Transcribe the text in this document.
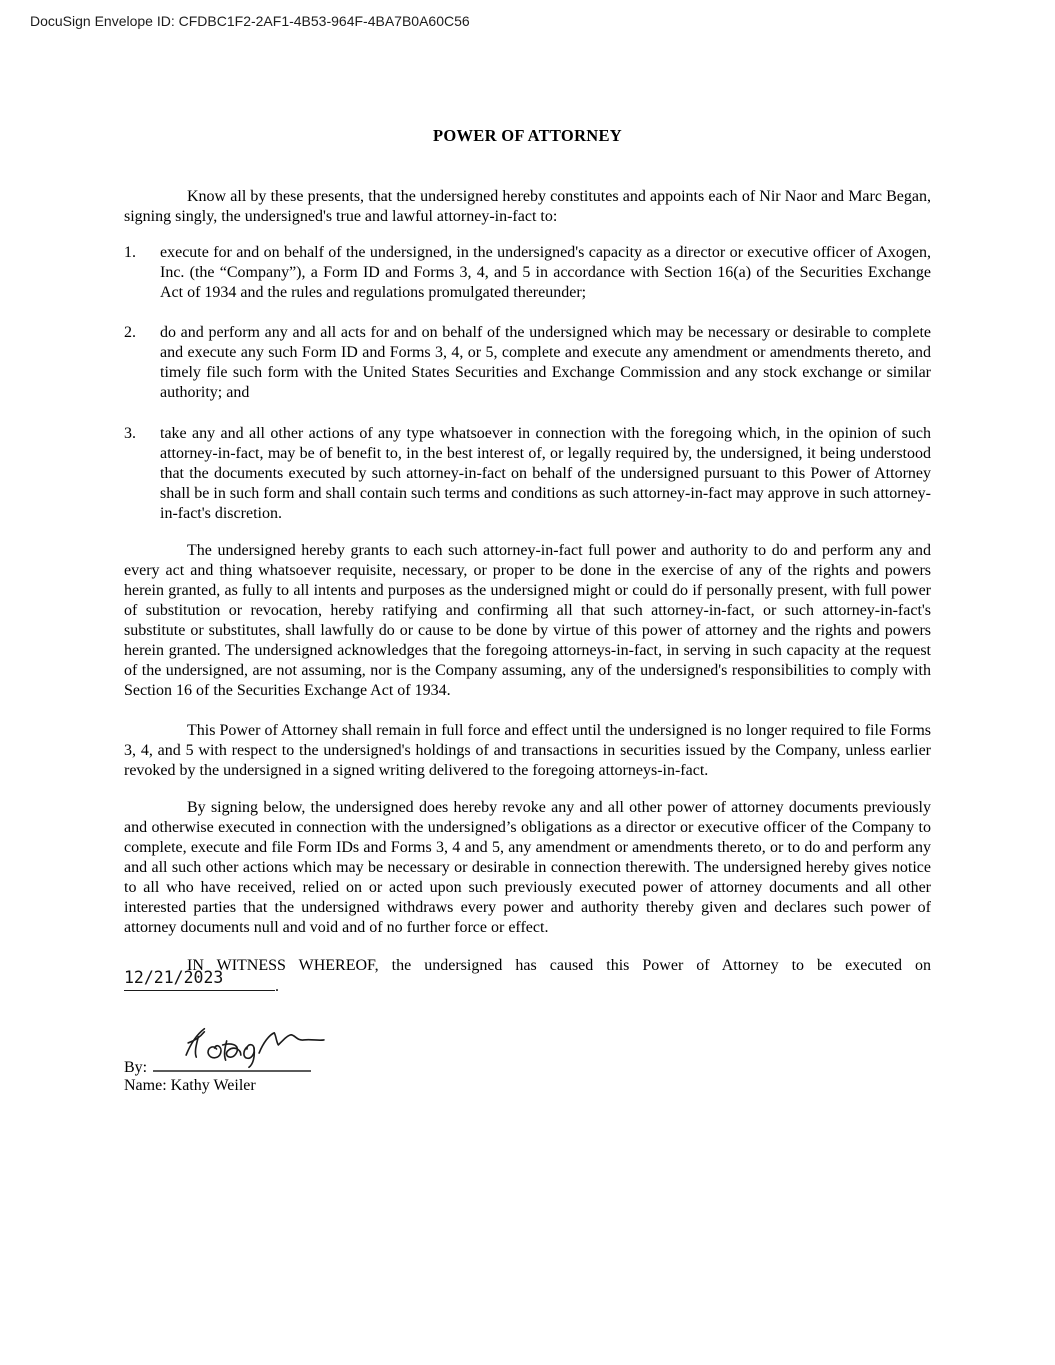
DocuSign Envelope ID: CFDBC1F2-2AF1-4B53-964F-4BA7B0A60C56
POWER OF ATTORNEY

Know all by these presents, that the undersigned hereby constitutes and appoints each of Nir Naor and Marc Began, signing singly, the undersigned's true and lawful attorney-in-fact to:

1.	execute for and on behalf of the undersigned, in the undersigned's capacity as a director or executive officer of Axogen, Inc. (the “Company”), a Form ID and Forms 3, 4, and 5 in accordance with Section 16(a) of the Securities Exchange Act of 1934 and the rules and regulations promulgated thereunder;
2.	do and perform any and all acts for and on behalf of the undersigned which may be necessary or desirable to complete and execute any such Form ID and Forms 3, 4, or 5, complete and execute any amendment or amendments thereto, and timely file such form with the United States Securities and Exchange Commission and any stock exchange or similar authority; and
3.	take any and all other actions of any type whatsoever in connection with the foregoing which, in the opinion of such attorney-in-fact, may be of benefit to, in the best interest of, or legally required by, the undersigned, it being understood that the documents executed by such attorney-in-fact on behalf of the undersigned pursuant to this Power of Attorney shall be in such form and shall contain such terms and conditions as such attorney-in-fact may approve in such attorney-in-fact's discretion.

The undersigned hereby grants to each such attorney-in-fact full power and authority to do and perform any and every act and thing whatsoever requisite, necessary, or proper to be done in the exercise of any of the rights and powers herein granted, as fully to all intents and purposes as the undersigned might or could do if personally present, with full power of substitution or revocation, hereby ratifying and confirming all that such attorney-in-fact, or such attorney-in-fact's substitute or substitutes, shall lawfully do or cause to be done by virtue of this power of attorney and the rights and powers herein granted. The undersigned acknowledges that the foregoing attorneys-in-fact, in serving in such capacity at the request of the undersigned, are not assuming, nor is the Company assuming, any of the undersigned's responsibilities to comply with Section 16 of the Securities Exchange Act of 1934.

This Power of Attorney shall remain in full force and effect until the undersigned is no longer required to file Forms 3, 4, and 5 with respect to the undersigned's holdings of and transactions in securities issued by the Company, unless earlier revoked by the undersigned in a signed writing delivered to the foregoing attorneys-in-fact.

By signing below, the undersigned does hereby revoke any and all other power of attorney documents previously and otherwise executed in connection with the undersigned’s obligations as a director or executive officer of the Company to complete, execute and file Form IDs and Forms 3, 4 and 5, any amendment or amendments thereto, or to do and perform any and all such other actions which may be necessary or desirable in connection therewith. The undersigned hereby gives notice to all who have received, relied on or acted upon such previously executed power of attorney documents and all other interested parties that the undersigned withdraws every power and authority thereby given and declares such power of attorney documents null and void and of no further force or effect.

IN WITNESS WHEREOF, the undersigned has caused this Power of Attorney to be executed on .

12/21/2023
By:
Name: Kathy Weiler
